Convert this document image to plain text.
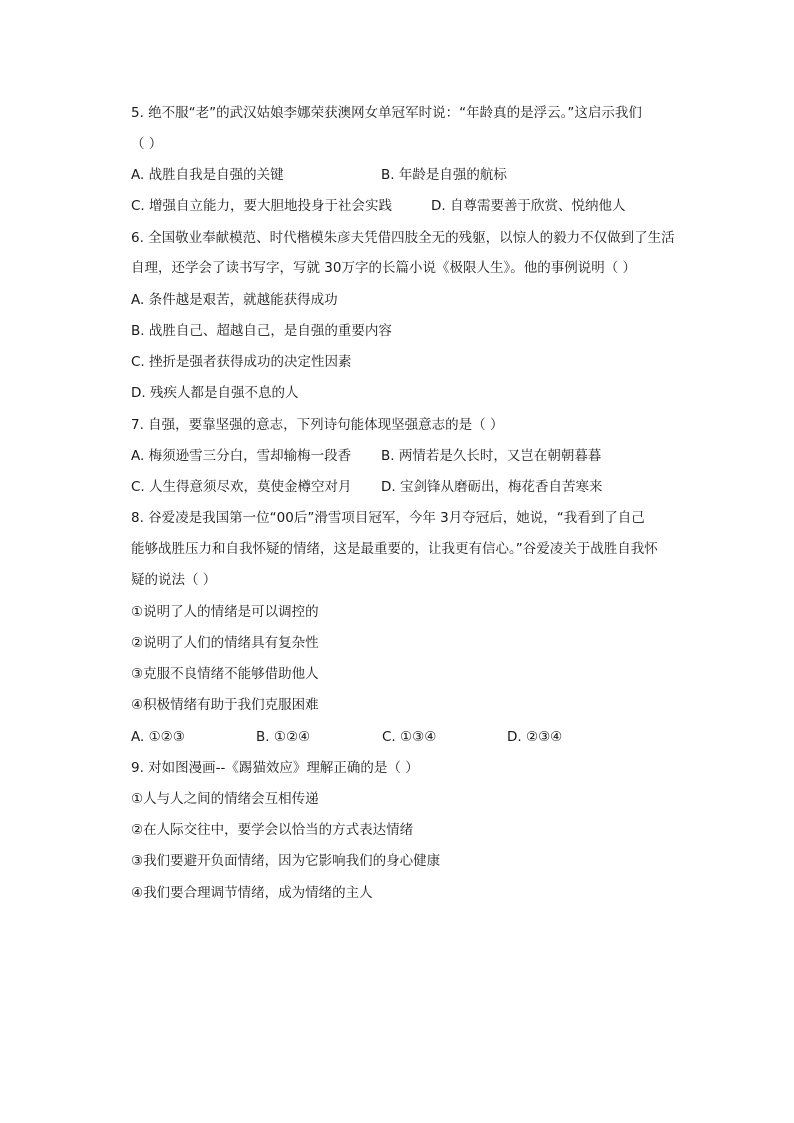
5. 绝不服“老”的武汉姑娘李娜荣获澳网女单冠军时说：“年龄真的是浮云。”这启示我们
（ ）
A. 战胜自我是自强的关键	B. 年龄是自强的航标
C. 增强自立能力，要大胆地投身于社会实践	D. 自尊需要善于欣赏、悦纳他人
6. 全国敬业奉献模范、时代楷模朱彦夫凭借四肢全无的残躯，以惊人的毅力不仅做到了生活
自理，还学会了读书写字，写就 30万字的长篇小说《极限人生》。他的事例说明（ ）
A. 条件越是艰苦，就越能获得成功
B. 战胜自己、超越自己，是自强的重要内容
C. 挫折是强者获得成功的决定性因素
D. 残疾人都是自强不息的人
7. 自强，要靠坚强的意志，下列诗句能体现坚强意志的是（ ）
A. 梅须逊雪三分白，雪却输梅一段香 B. 两情若是久长时，又岂在朝朝暮暮
C. 人生得意须尽欢，莫使金樽空对月 D. 宝剑锋从磨砺出，梅花香自苦寒来
8. 谷爱凌是我国第一位“00后”滑雪项目冠军，今年 3月夺冠后，她说，“我看到了自己
能够战胜压力和自我怀疑的情绪，这是最重要的，让我更有信心。”谷爱凌关于战胜自我怀
疑的说法（ ）
①说明了人的情绪是可以调控的
②说明了人们的情绪具有复杂性
③克服不良情绪不能够借助他人
④积极情绪有助于我们克服困难
A. ①②③	B. ①②④	C. ①③④	D. ②③④
9. 对如图漫画--《踢猫效应》理解正确的是（ ）
①人与人之间的情绪会互相传递
②在人际交往中，要学会以恰当的方式表达情绪
③我们要避开负面情绪，因为它影响我们的身心健康
④我们要合理调节情绪，成为情绪的主人
